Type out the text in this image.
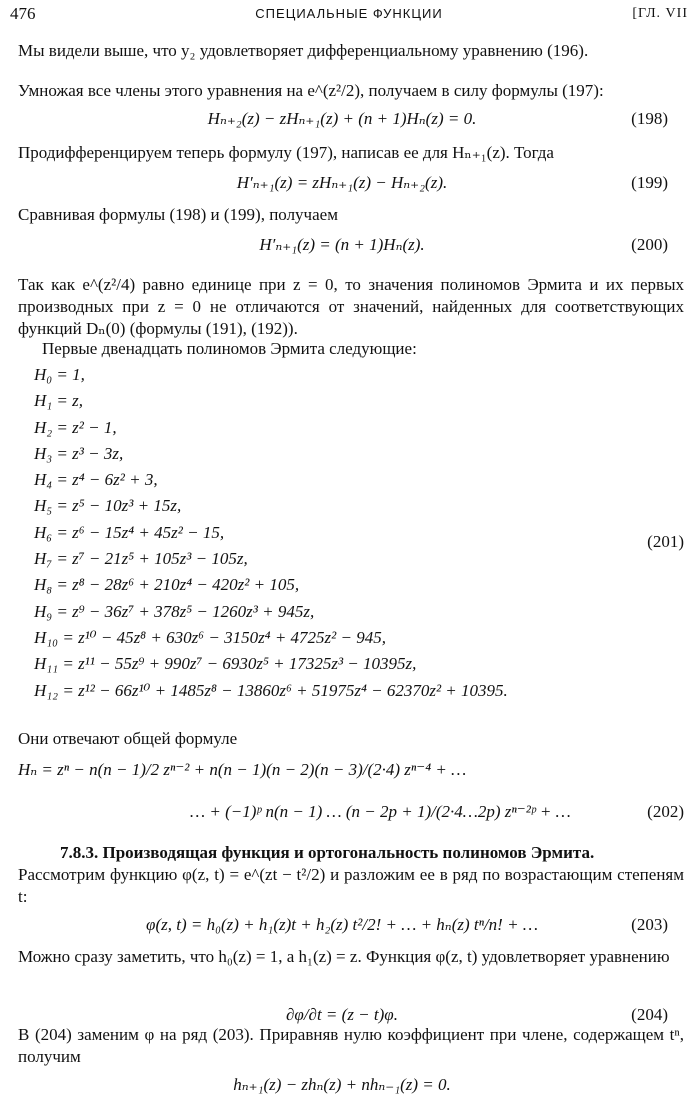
476	СПЕЦИАЛЬНЫЕ ФУНКЦИИ	[ГЛ. VII
Мы видели выше, что y₂ удовлетворяет дифференциальному уравнению (196).
Умножая все члены этого уравнения на e^(z²/2), получаем в силу формулы (197):
Hₙ₊₂(z) − zHₙ₊₁(z) + (n + 1)Hₙ(z) = 0.	(198)
Продифференцируем теперь формулу (197), написав ее для Hₙ₊₁(z). Тогда
H′ₙ₊₁(z) = zHₙ₊₁(z) − Hₙ₊₂(z).	(199)
Сравнивая формулы (198) и (199), получаем
H′ₙ₊₁(z) = (n + 1)Hₙ(z).	(200)
Так как e^(z²/4) равно единице при z = 0, то значения полиномов Эрмита и их первых производных при z = 0 не отличаются от значений, найденных для соответствующих функций Dₙ(0) (формулы (191), (192)).
Первые двенадцать полиномов Эрмита следующие:
H₀ = 1,
H₁ = z,
H₂ = z² − 1,
H₃ = z³ − 3z,
H₄ = z⁴ − 6z² + 3,
H₅ = z⁵ − 10z³ + 15z,
H₆ = z⁶ − 15z⁴ + 45z² − 15,
H₇ = z⁷ − 21z⁵ + 105z³ − 105z,
H₈ = z⁸ − 28z⁶ + 210z⁴ − 420z² + 105,
H₉ = z⁹ − 36z⁷ + 378z⁵ − 1260z³ + 945z,
H₁₀ = z¹⁰ − 45z⁸ + 630z⁶ − 3150z⁴ + 4725z² − 945,
H₁₁ = z¹¹ − 55z⁹ + 990z⁷ − 6930z⁵ + 17325z³ − 10395z,
H₁₂ = z¹² − 66z¹⁰ + 1485z⁸ − 13860z⁶ + 51975z⁴ − 62370z² + 10395.
(201)
Они отвечают общей формуле
Hₙ = zⁿ − n(n − 1)/2 zⁿ⁻² + n(n − 1)(n − 2)(n − 3)/(2·4) zⁿ⁻⁴ + …
… + (−1)ᵖ n(n − 1) … (n − 2p + 1)/(2·4…2p) zⁿ⁻²ᵖ + …	(202)
7.8.3. Производящая функция и ортогональность полиномов Эрмита.
Рассмотрим функцию φ(z, t) = e^(zt − t²/2) и разложим ее в ряд по возрастающим степеням t:
φ(z, t) = h₀(z) + h₁(z)t + h₂(z) t²/2! + … + hₙ(z) tⁿ/n! + …	(203)
Можно сразу заметить, что h₀(z) = 1, а h₁(z) = z. Функция φ(z, t) удовлетворяет уравнению
∂φ/∂t = (z − t)φ.	(204)
В (204) заменим φ на ряд (203). Приравняв нулю коэффициент при члене, содержащем tⁿ, получим
hₙ₊₁(z) − zhₙ(z) + nhₙ₋₁(z) = 0.
